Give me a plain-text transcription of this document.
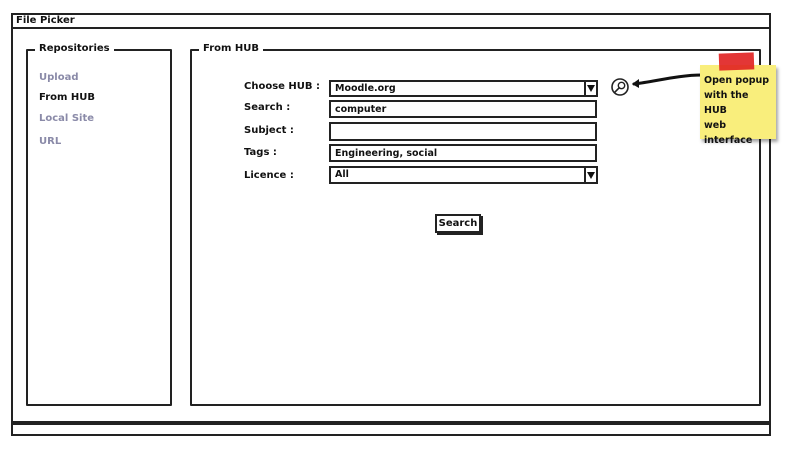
File Picker
Repositories
Upload
From HUB
Local Site
URL
From HUB
Choose HUB :	Moodle.org
Search :
computer
Subject :
Tags :
Engineering, social
Licence :	All
Search
Open popup
with the HUB
web interface
